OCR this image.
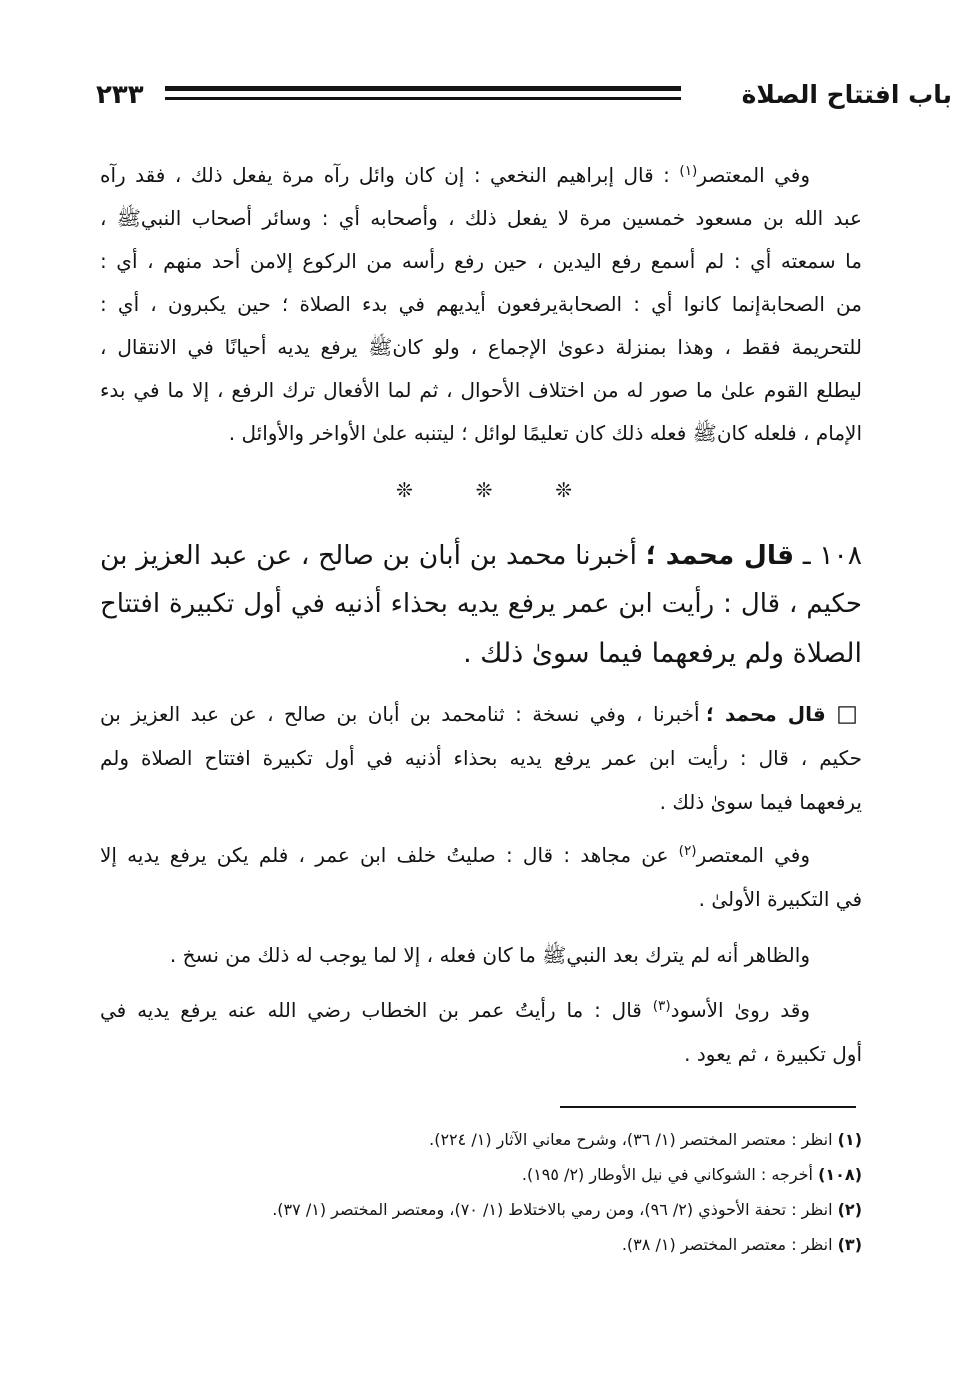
باب افتتاح الصلاة
٢٣٣
وفي المعتصر$^{(١)}$ : قال إبراهيم النخعي : إن كان وائل رآه مرة يفعل ذلك ، فقد رآه
عبد الله بن مسعود خمسين مرة لا يفعل ذلك ، وأصحابه أي : وسائر أصحاب النبيﷺ ،
ما سمعته أي : لم أسمع رفع اليدين ، حين رفع رأسه من الركوع إلامن أحد منهم ، أي :
من الصحابةإنما كانوا أي : الصحابةيرفعون أيديهم في بدء الصلاة ؛ حين يكبرون ، أي :
للتحريمة فقط ، وهذا بمنزلة دعوىٰ الإجماع ، ولو كانﷺ يرفع يديه أحيانًا في الانتقال ،
ليطلع القوم علىٰ ما صور له من اختلاف الأحوال ، ثم لما الأفعال ترك الرفع ، إلا ما في بدء
الإمام ، فلعله كانﷺ فعله ذلك كان تعليمًا لوائل ؛ ليتنبه علىٰ الأواخر والأوائل .
❊	❊	❊
١٠٨ ـ قال محمد ؛ أخبرنا محمد بن أبان بن صالح ، عن عبد العزيز بن
حكيم ، قال : رأيت ابن عمر يرفع يديه بحذاء أذنيه في أول تكبيرة افتتاح
الصلاة ولم يرفعهما فيما سوىٰ ذلك .
□ قال محمد ؛ أخبرنا ، وفي نسخة : ثنامحمد بن أبان بن صالح ، عن عبد العزيز بن
حكيم ، قال : رأيت ابن عمر يرفع يديه بحذاء أذنيه في أول تكبيرة افتتاح الصلاة ولم
يرفعهما فيما سوىٰ ذلك .
وفي المعتصر$^{(٢)}$ عن مجاهد : قال : صليتُ خلف ابن عمر ، فلم يكن يرفع يديه إلا
في التكبيرة الأولىٰ .
والظاهر أنه لم يترك بعد النبيﷺ ما كان فعله ، إلا لما يوجب له ذلك من نسخ .
وقد روىٰ الأسود$^{(٣)}$ قال : ما رأيتُ عمر بن الخطاب رضي الله عنه يرفع يديه في
أول تكبيرة ، ثم يعود .
(١) انظر : معتصر المختصر (١/ ٣٦)، وشرح معاني الآثار (١/ ٢٢٤).
(١٠٨) أخرجه : الشوكاني في نيل الأوطار (٢/ ١٩٥).
(٢) انظر : تحفة الأحوذي (٢/ ٩٦)، ومن رمي بالاختلاط (١/ ٧٠)، ومعتصر المختصر (١/ ٣٧).
(٣) انظر : معتصر المختصر (١/ ٣٨).
